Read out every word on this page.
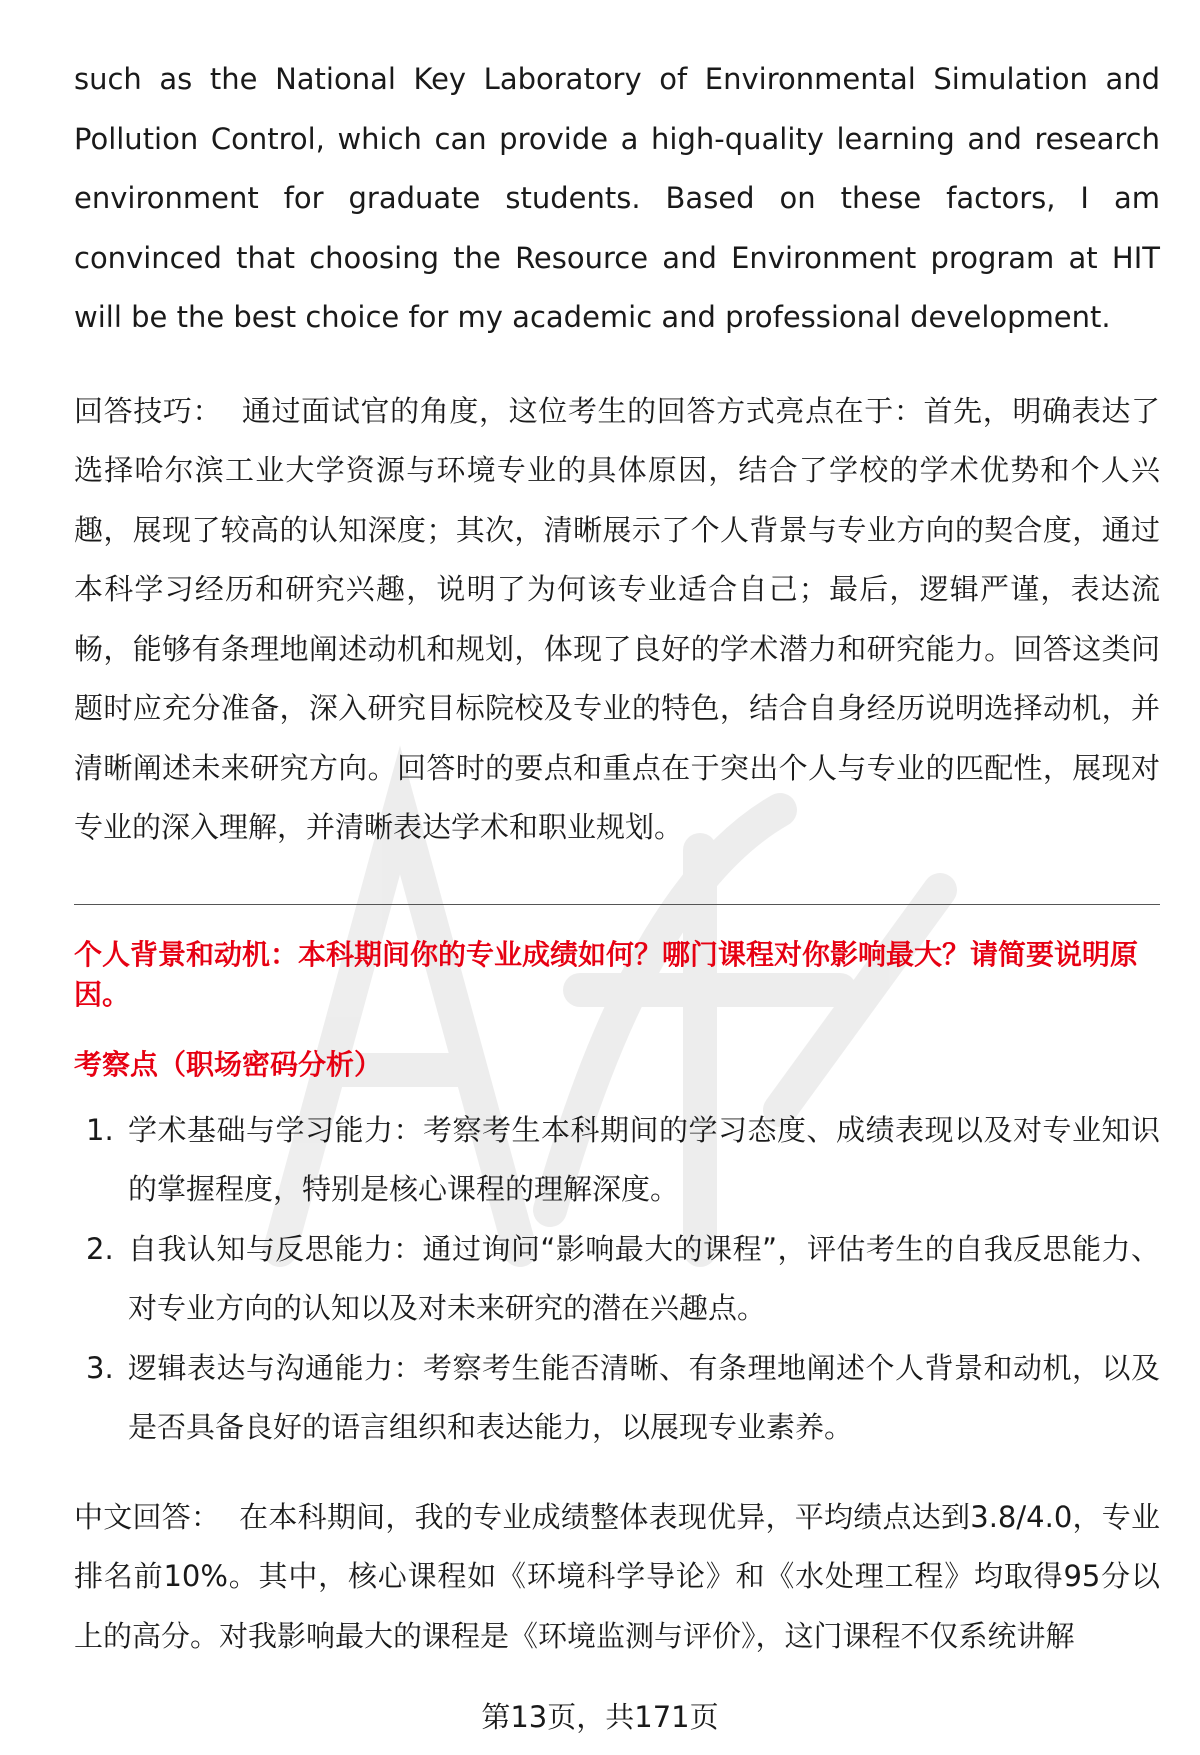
such as the National Key Laboratory of Environmental Simulation and Pollution Control, which can provide a high-quality learning and research environment for graduate students. Based on these factors, I am convinced that choosing the Resource and Environment program at HIT will be the best choice for my academic and professional development.

回答技巧： 通过面试官的角度，这位考生的回答方式亮点在于：首先，明确表达了选择哈尔滨工业大学资源与环境专业的具体原因，结合了学校的学术优势和个人兴趣，展现了较高的认知深度；其次，清晰展示了个人背景与专业方向的契合度，通过本科学习经历和研究兴趣，说明了为何该专业适合自己；最后，逻辑严谨，表达流畅，能够有条理地阐述动机和规划，体现了良好的学术潜力和研究能力。回答这类问题时应充分准备，深入研究目标院校及专业的特色，结合自身经历说明选择动机，并清晰阐述未来研究方向。回答时的要点和重点在于突出个人与专业的匹配性，展现对专业的深入理解，并清晰表达学术和职业规划。

个人背景和动机：本科期间你的专业成绩如何？哪门课程对你影响最大？请简要说明原因。
考察点（职场密码分析）
1. 学术基础与学习能力：考察考生本科期间的学习态度、成绩表现以及对专业知识的掌握程度，特别是核心课程的理解深度。
2. 自我认知与反思能力：通过询问“影响最大的课程”，评估考生的自我反思能力、对专业方向的认知以及对未来研究的潜在兴趣点。
3. 逻辑表达与沟通能力：考察考生能否清晰、有条理地阐述个人背景和动机，以及是否具备良好的语言组织和表达能力，以展现专业素养。

中文回答： 在本科期间，我的专业成绩整体表现优异，平均绩点达到3.8/4.0，专业排名前10%。其中，核心课程如《环境科学导论》和《水处理工程》均取得95分以上的高分。对我影响最大的课程是《环境监测与评价》，这门课程不仅系统讲解

第13页，共171页
